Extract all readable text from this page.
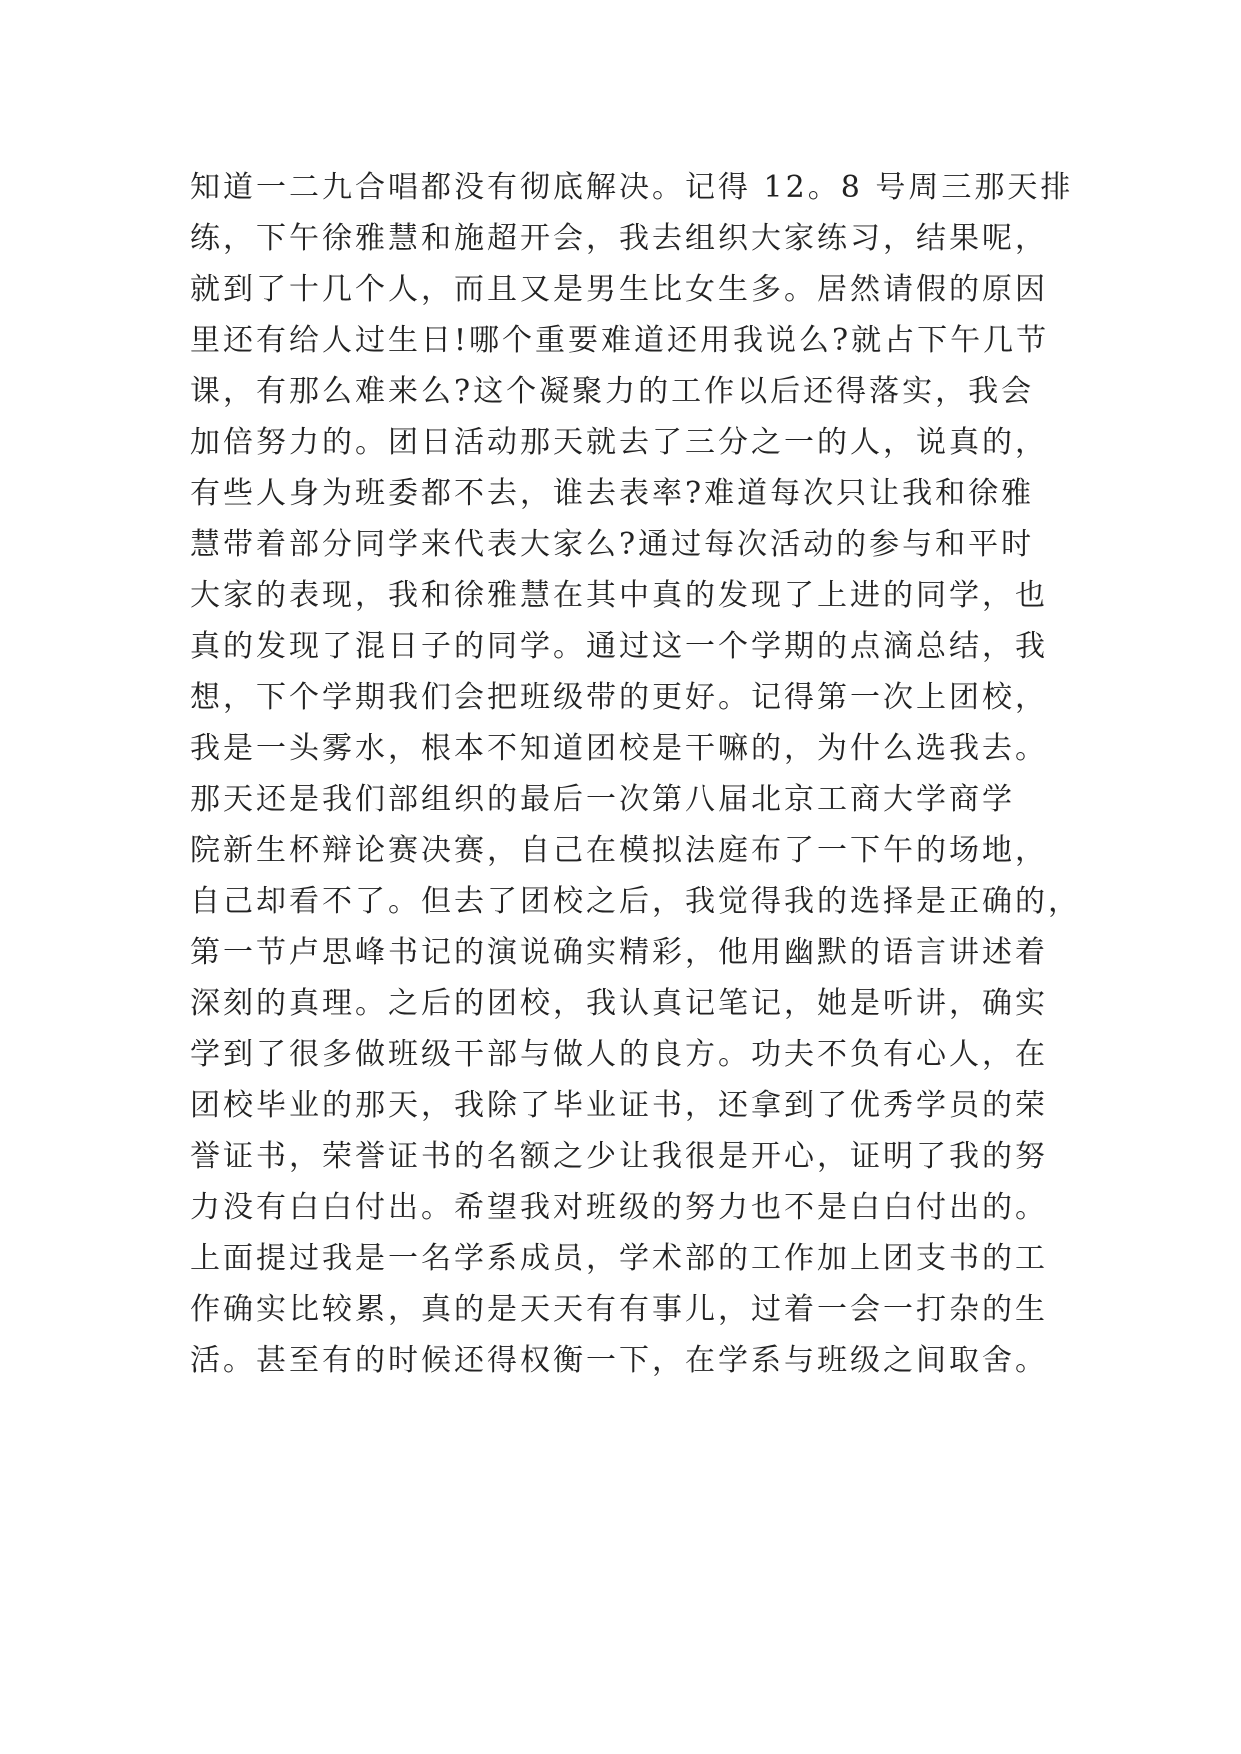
知道一二九合唱都没有彻底解决。记得 12。8 号周三那天排
练，下午徐雅慧和施超开会，我去组织大家练习，结果呢，
就到了十几个人，而且又是男生比女生多。居然请假的原因
里还有给人过生日!哪个重要难道还用我说么?就占下午几节
课，有那么难来么?这个凝聚力的工作以后还得落实，我会
加倍努力的。团日活动那天就去了三分之一的人，说真的，
有些人身为班委都不去，谁去表率?难道每次只让我和徐雅
慧带着部分同学来代表大家么?通过每次活动的参与和平时
大家的表现，我和徐雅慧在其中真的发现了上进的同学，也
真的发现了混日子的同学。通过这一个学期的点滴总结，我
想，下个学期我们会把班级带的更好。记得第一次上团校，
我是一头雾水，根本不知道团校是干嘛的，为什么选我去。
那天还是我们部组织的最后一次第八届北京工商大学商学
院新生杯辩论赛决赛，自己在模拟法庭布了一下午的场地，
自己却看不了。但去了团校之后，我觉得我的选择是正确的，
第一节卢思峰书记的演说确实精彩，他用幽默的语言讲述着
深刻的真理。之后的团校，我认真记笔记，她是听讲，确实
学到了很多做班级干部与做人的良方。功夫不负有心人，在
团校毕业的那天，我除了毕业证书，还拿到了优秀学员的荣
誉证书，荣誉证书的名额之少让我很是开心，证明了我的努
力没有白白付出。希望我对班级的努力也不是白白付出的。
上面提过我是一名学系成员，学术部的工作加上团支书的工
作确实比较累，真的是天天有有事儿，过着一会一打杂的生
活。甚至有的时候还得权衡一下，在学系与班级之间取舍。
